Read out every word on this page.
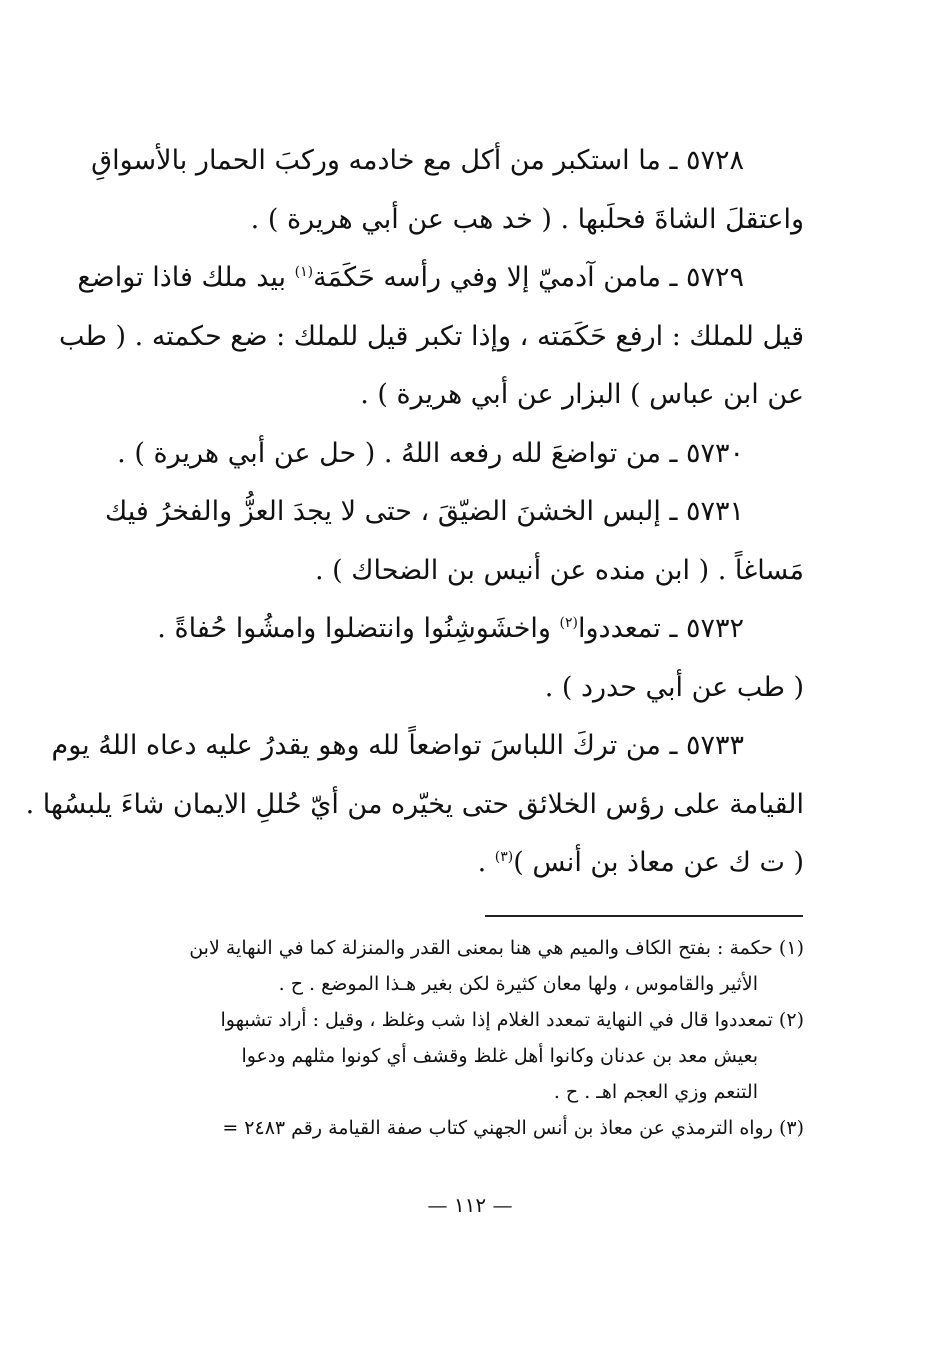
٥٧٢٨ ـ ما استكبر من أكل مع خادمه وركبَ الحمار بالأسواقِ
واعتقلَ الشاةَ فحلَبها . ( خد هب عن أبي هريرة ) .
٥٧٢٩ ـ مامن آدميّ إلا وفي رأسه حَكَمَة$^{(١)}$ بيد ملك فاذا تواضع
قيل للملك : ارفع حَكَمَته ، وإذا تكبر قيل للملك : ضع حكمته . ( طب
عن ابن عباس ) البزار عن أبي هريرة ) .
٥٧٣٠ ـ من تواضعَ لله رفعه اللهُ . ( حل عن أبي هريرة ) .
٥٧٣١ ـ إلبس الخشنَ الضيّقَ ، حتى لا يجدَ العزُّ والفخرُ فيك
مَساغاً . ( ابن منده عن أنيس بن الضحاك ) .
٥٧٣٢ ـ تمعددوا$^{(٢)}$ واخشَوشِنُوا وانتضلوا وامشُوا حُفاةً .
( طب عن أبي حدرد ) .
٥٧٣٣ ـ من تركَ اللباسَ تواضعاً لله وهو يقدرُ عليه دعاه اللهُ يوم
القيامة على رؤس الخلائق حتى يخيّره من أيّ حُللِ الايمان شاءَ يلبسُها .
( ت ك عن معاذ بن أنس )$^{(٣)}$ .
(١) حكمة : بفتح الكاف والميم هي هنا بمعنى القدر والمنزلة كما في النهاية لابن
الأثير والقاموس ، ولها معان كثيرة لكن بغير هـذا الموضع . ح .
(٢) تمعددوا قال في النهاية تمعدد الغلام إذا شب وغلظ ، وقيل : أراد تشبهوا
بعيش معد بن عدنان وكانوا أهل غلظ وقشف أي كونوا مثلهم ودعوا
التنعم وزي العجم اهـ . ح .
(٣) رواه الترمذي عن معاذ بن أنس الجهني كتاب صفة القيامة رقم ٢٤٨٣ =
— ١١٢ —
